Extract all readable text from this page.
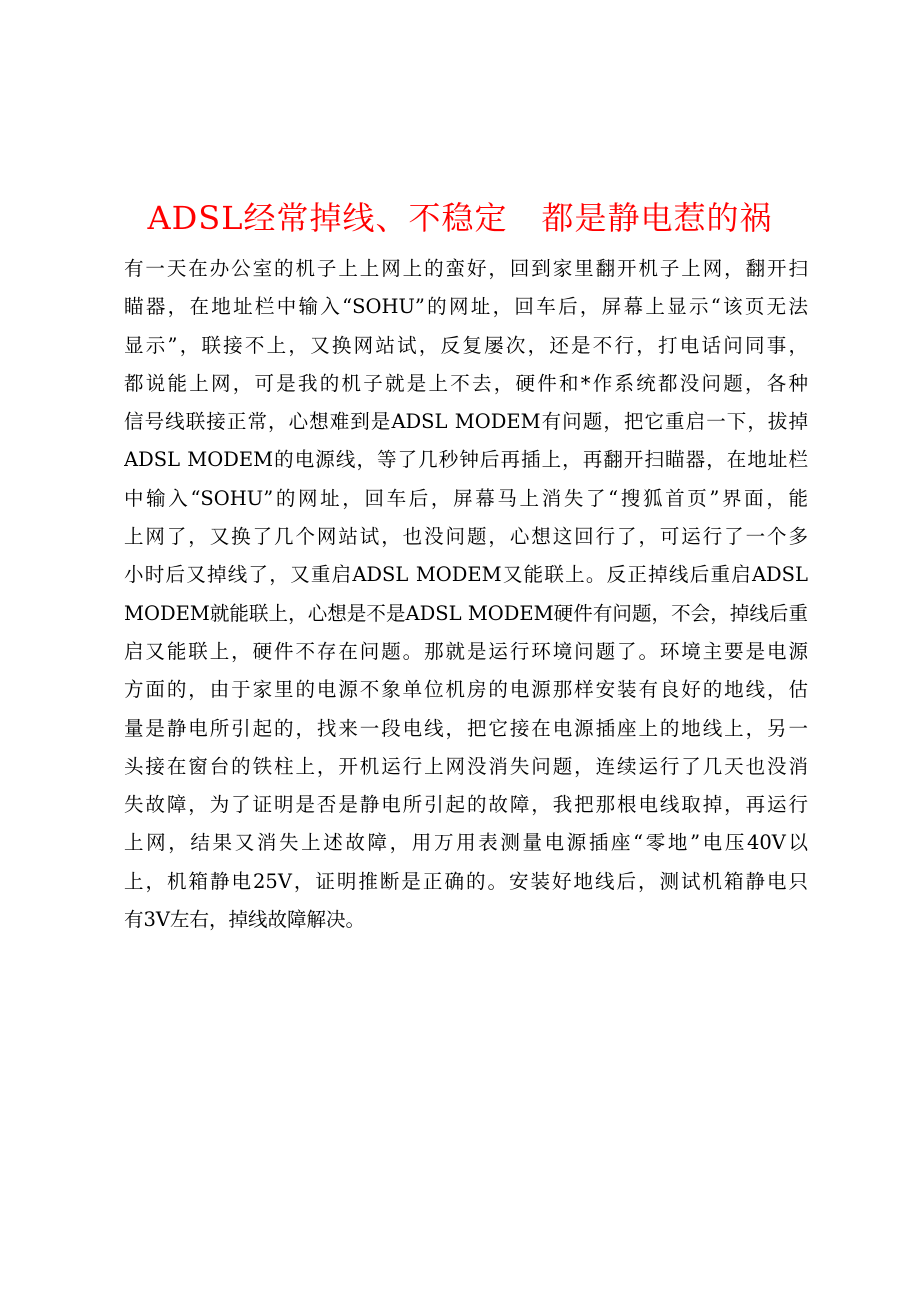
ADSL经常掉线、不稳定 都是静电惹的祸
有一天在办公室的机子上上网上的蛮好，回到家里翻开机子上网，翻开扫
瞄器，在地址栏中输入“SOHU”的网址，回车后，屏幕上显示“该页无法
显示”，联接不上，又换网站试，反复屡次，还是不行，打电话问同事，
都说能上网，可是我的机子就是上不去，硬件和*作系统都没问题，各种
信号线联接正常，心想难到是ADSL MODEM有问题，把它重启一下，拔掉
ADSL MODEM的电源线，等了几秒钟后再插上，再翻开扫瞄器，在地址栏
中输入“SOHU”的网址，回车后，屏幕马上消失了“搜狐首页”界面，能
上网了，又换了几个网站试，也没问题，心想这回行了，可运行了一个多
小时后又掉线了，又重启ADSL MODEM又能联上。反正掉线后重启ADSL
MODEM就能联上，心想是不是ADSL MODEM硬件有问题，不会，掉线后重
启又能联上，硬件不存在问题。那就是运行环境问题了。环境主要是电源
方面的，由于家里的电源不象单位机房的电源那样安装有良好的地线，估
量是静电所引起的，找来一段电线，把它接在电源插座上的地线上，另一
头接在窗台的铁柱上，开机运行上网没消失问题，连续运行了几天也没消
失故障，为了证明是否是静电所引起的故障，我把那根电线取掉，再运行
上网，结果又消失上述故障，用万用表测量电源插座“零地”电压40V以
上，机箱静电25V，证明推断是正确的。安装好地线后，测试机箱静电只
有3V左右，掉线故障解决。
